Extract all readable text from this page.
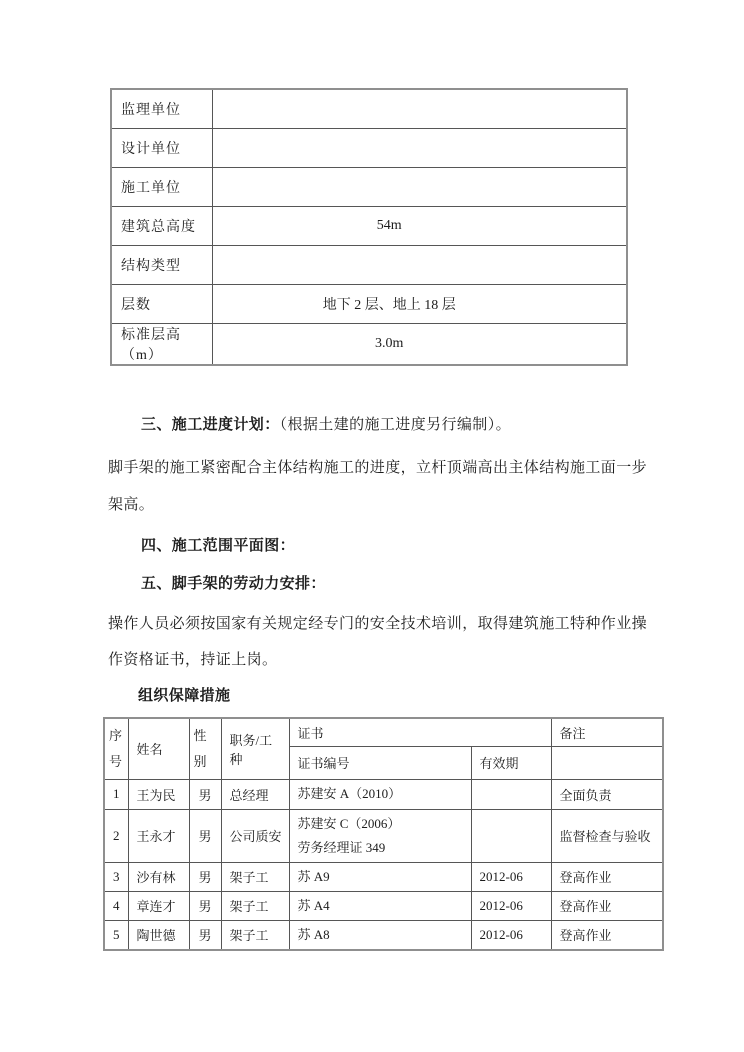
监理单位	
设计单位	
施工单位	
建筑总高度	54m
结构类型	
层数	地下 2 层、地上 18 层
标准层高（m）	3.0m
三、施工进度计划：（根据土建的施工进度另行编制）。
脚手架的施工紧密配合主体结构施工的进度，立杆顶端高出主体结构施工面一步
架高。
四、施工范围平面图：
五、脚手架的劳动力安排：
操作人员必须按国家有关规定经专门的安全技术培训，取得建筑施工特种作业操
作资格证书，持证上岗。
组织保障措施
序号	姓名	性别	职务/工种	证书		备注
				证书编号	有效期	
1	王为民	男	总经理	苏建安 A（2010）		全面负责
2	王永才	男	公司质安	苏建安 C（2006）
劳务经理证 349		监督检查与验收
3	沙有林	男	架子工	苏 A9	2012-06	登高作业
4	章连才	男	架子工	苏 A4	2012-06	登高作业
5	陶世德	男	架子工	苏 A8	2012-06	登高作业
